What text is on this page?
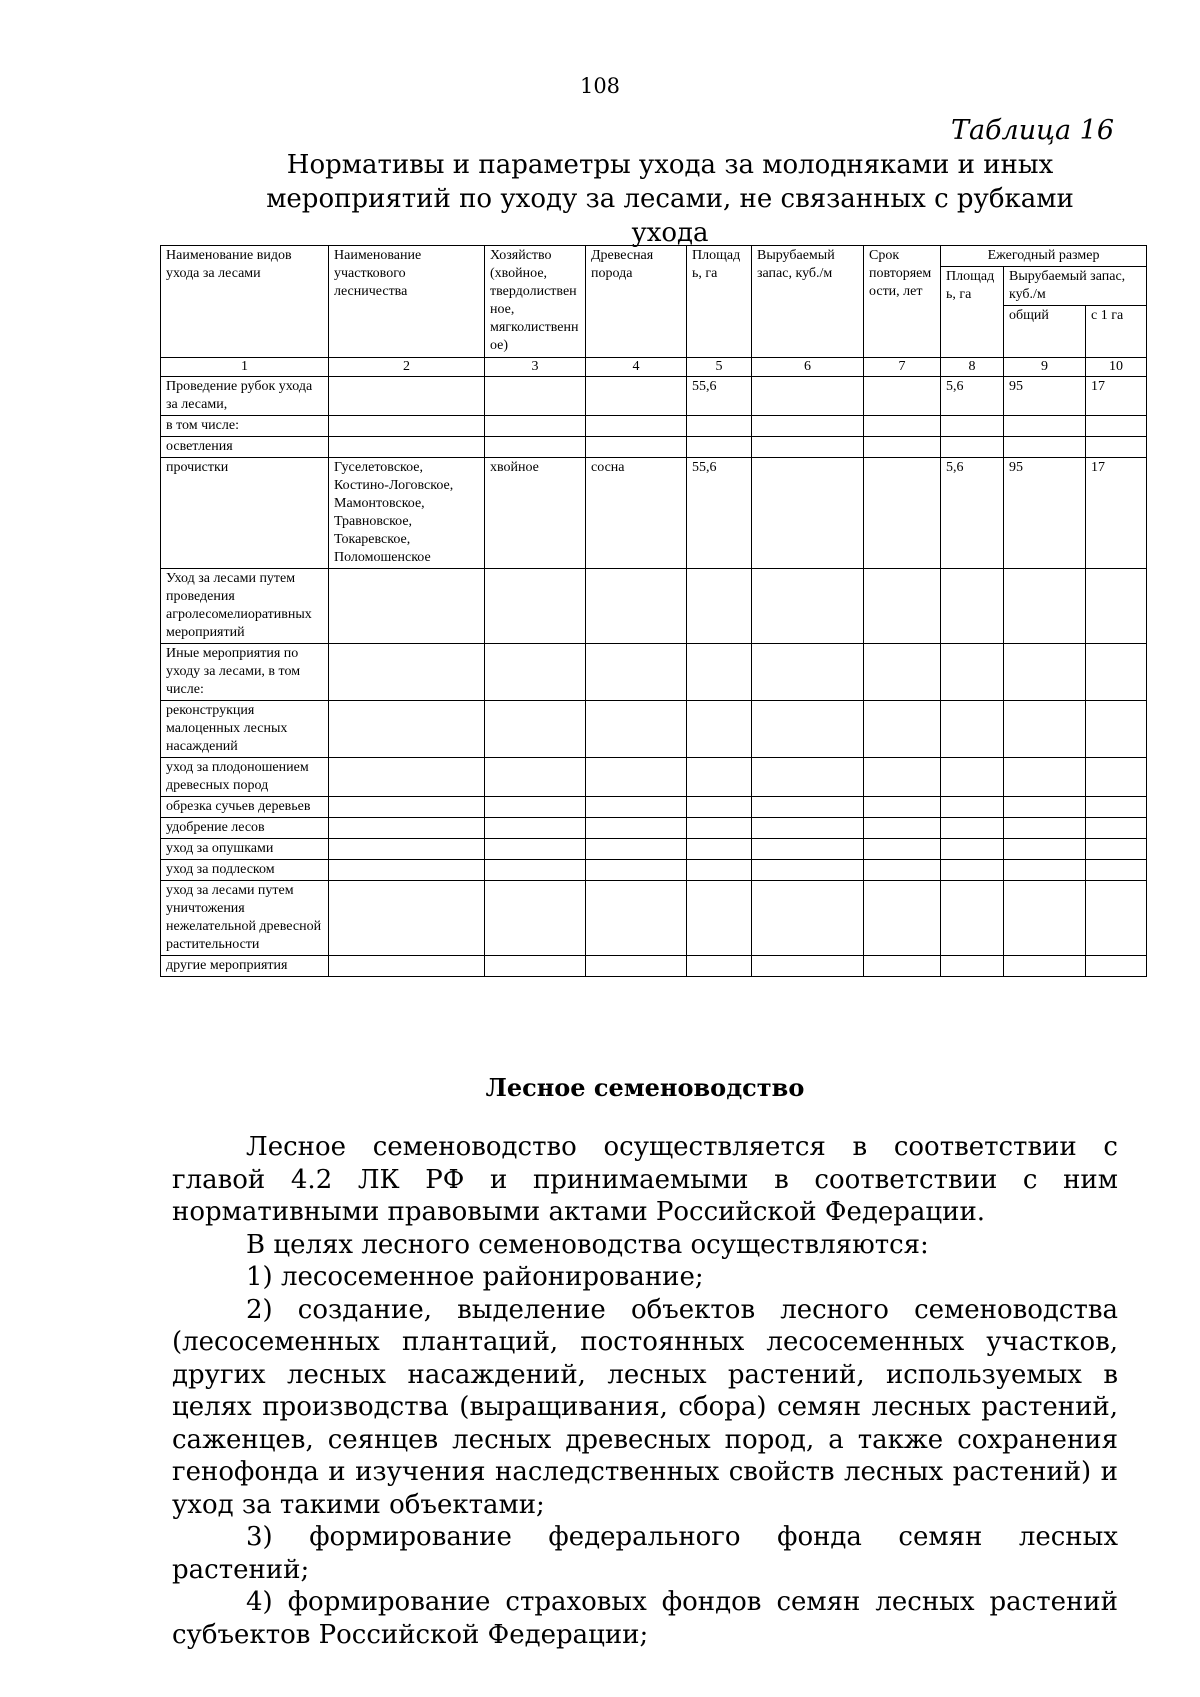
108
Таблица 16
Нормативы и параметры ухода за молодняками и иных мероприятий по уходу за лесами, не связанных с рубками ухода
Наименование видов ухода за лесами	Наименование участкового лесничества	Хозяйство (хвойное, твердолиственное, мягколиственное)	Древесная порода	Площадь, га	Вырубаемый запас, куб./м	Срок повторяемости, лет	Ежегодный размер		
							Площадь, га	Вырубаемый запас, куб./м	
								общий	с 1 га
1	2	3	4	5	6	7	8	9	10
Проведение рубок ухода за лесами,				55,6			5,6	95	17
в том числе:									
осветления									
прочистки	Гуселетовское, Костино-Логовское, Мамонтовское, Травновское, Токаревское, Поломошенское	хвойное	сосна	55,6			5,6	95	17
Уход за лесами путем проведения агролесомелиоративных мероприятий									
Иные мероприятия по уходу за лесами, в том числе:									
реконструкция малоценных лесных насаждений									
уход за плодоношением древесных пород									
обрезка сучьев деревьев									
удобрение лесов									
уход за опушками									
уход за подлеском									
уход за лесами путем уничтожения нежелательной древесной растительности									
другие мероприятия									
Лесное семеноводство

Лесное семеноводство осуществляется в соответствии с главой 4.2 ЛК РФ и принимаемыми в соответствии с ним нормативными правовыми актами Российской Федерации.

В целях лесного семеноводства осуществляются:

1) лесосеменное районирование;

2) создание, выделение объектов лесного семеноводства (лесосеменных плантаций, постоянных лесосеменных участков, других лесных насаждений, лесных растений, используемых в целях производства (выращивания, сбора) семян лесных растений, саженцев, сеянцев лесных древесных пород, а также сохранения генофонда и изучения наследственных свойств лесных растений) и уход за такими объектами;

3) формирование федерального фонда семян лесных растений;

4) формирование страховых фондов семян лесных растений субъектов Российской Федерации;
